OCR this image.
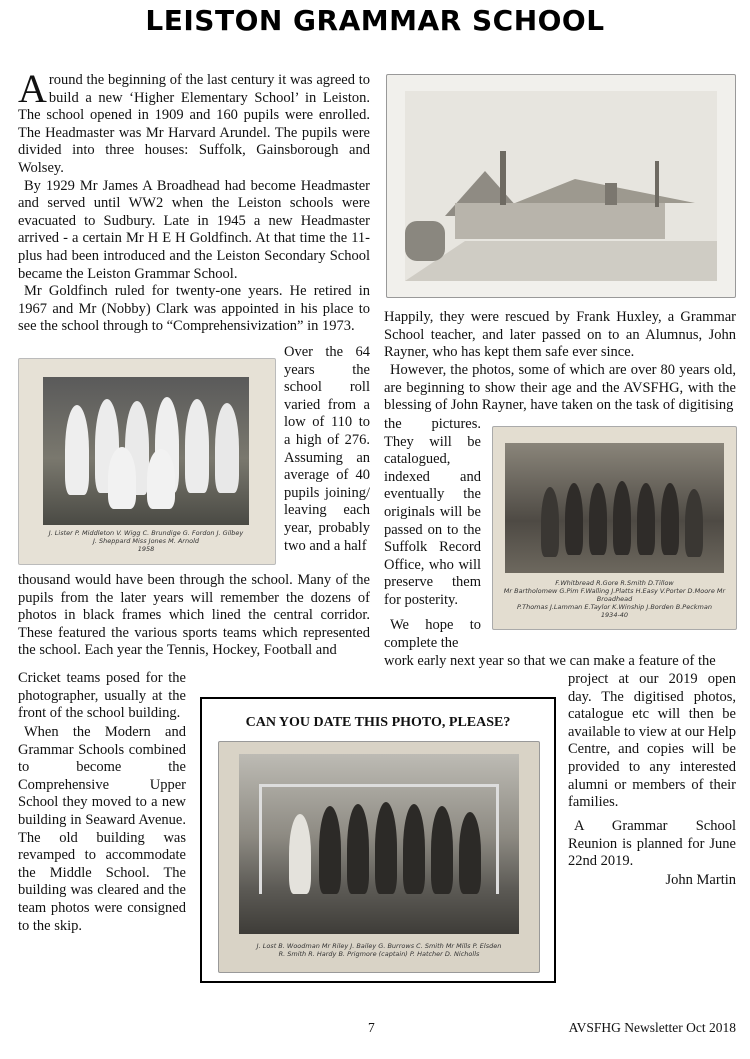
LEISTON GRAMMAR SCHOOL

Around the beginning of the last century it was agreed to build a new ‘Higher Elementary School’ in Leiston. The school opened in 1909 and 160 pupils were enrolled. The Headmaster was Mr Harvard Arundel. The pupils were divided into three houses: Suffolk, Gainsborough and Wolsey.

By 1929 Mr James A Broadhead had become Headmaster and served until WW2 when the Leiston schools were evacuated to Sudbury. Late in 1945 a new Headmaster arrived - a certain Mr H E H Goldfinch. At that time the 11-plus had been introduced and the Leiston Secondary School became the Leiston Grammar School.

Mr Goldfinch ruled for twenty-one years. He retired in 1967 and Mr (Nobby) Clark was appointed in his place to see the school through to “Comprehensivization” in 1973.

J. Lister P. Middleton V. Wigg C. Brundige G. Fordon J. Gilbey
J. Sheppard Miss Jones M. Arnold
1958
Over the 64 years the school roll varied from a low of 110 to a high of 276. Assuming an average of 40 pupils joining/ leaving each year, probably two and a half
thousand would have been through the school. Many of the pupils from the later years will remember the dozens of photos in black frames which lined the central corridor. These featured the various sports teams which represented the school. Each year the Tennis, Hockey, Football and
Cricket teams posed for the photographer, usually at the front of the school building.
When the Modern and Grammar Schools combined to become the Comprehensive Upper School they moved to a new building in Seaward Avenue. The old building was revamped to accommodate the Middle School. The building was cleared and the team photos were consigned to the skip.

Happily, they were rescued by Frank Huxley, a Grammar School teacher, and later passed on to an Alumnus, John Rayner, who has kept them safe ever since.

However, the photos, some of which are over 80 years old, are beginning to show their age and the AVSFHG, with the blessing of John Rayner, have taken on the task of digitising
the pictures. They will be catalogued, indexed and eventually the originals will be passed on to the Suffolk Record Office, who will preserve them for posterity.
We hope to complete the
work early next year so that we can make a feature of the
project at our 2019 open day. The digitised photos, catalogue etc will then be available to view at our Help Centre, and copies will be provided to any interested alumni or members of their families.
A Grammar School Reunion is planned for June 22nd 2019.
John Martin
F.Whitbread R.Gore R.Smith D.Tillow
Mr Bartholomew G.Pim F.Walling J.Platts H.Easy V.Porter D.Moore Mr Broadhead
P.Thomas J.Lamman E.Taylor K.Winship J.Borden B.Peckman
1934-40
CAN YOU DATE THIS PHOTO, PLEASE?
J. Lost B. Woodman Mr Riley J. Bailey G. Burrows C. Smith Mr Mills P. Elsden
R. Smith R. Hardy B. Prigmore (captain) P. Hatcher D. Nicholls
7	AVSFHG Newsletter Oct 2018
